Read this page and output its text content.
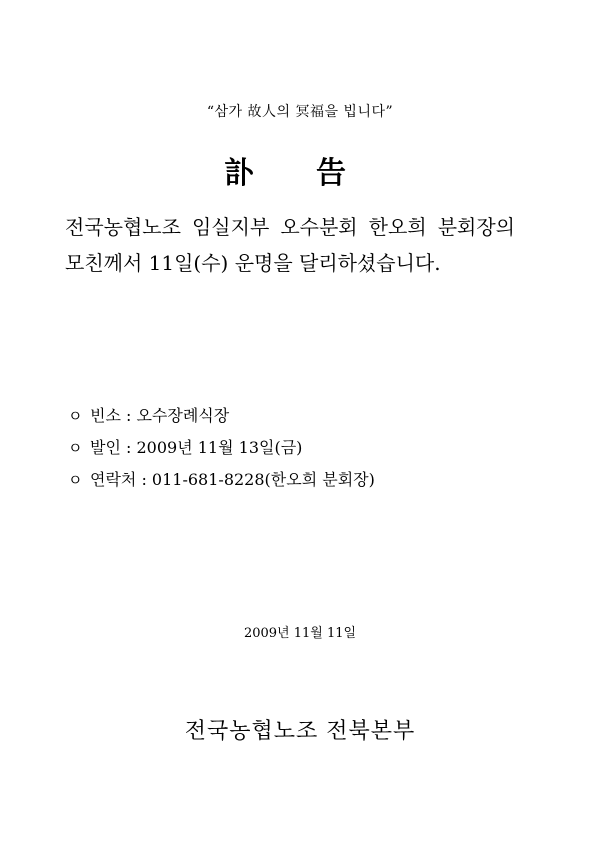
“삼가 故人의 冥福을 빕니다”
訃 告
전국농협노조 임실지부 오수분회 한오희 분회장의 모친께서 11일(수) 운명을 달리하셨습니다.
ㅇ 빈소 : 오수장례식장
ㅇ 발인 : 2009년 11월 13일(금)
ㅇ 연락처 : 011-681-8228(한오희 분회장)
2009년 11월 11일
전국농협노조 전북본부
